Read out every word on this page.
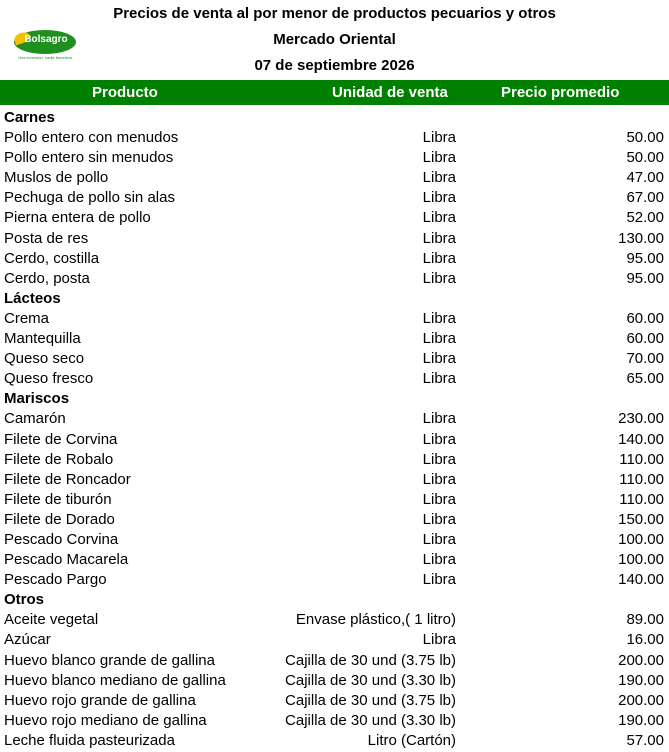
Precios de venta al por menor de productos pecuarios y otros
Mercado Oriental
07 de septiembre 2026
Bolsagro
Una inversión. nadie beneficia
Producto	Unidad de venta	Precio promedio
Carnes
Pollo entero con menudos	Libra	50.00
Pollo entero sin menudos	Libra	50.00
Muslos de pollo	Libra	47.00
Pechuga de pollo sin alas	Libra	67.00
Pierna entera de pollo	Libra	52.00
Posta de res	Libra	130.00
Cerdo, costilla	Libra	95.00
Cerdo, posta	Libra	95.00
Lácteos
Crema	Libra	60.00
Mantequilla	Libra	60.00
Queso seco	Libra	70.00
Queso fresco	Libra	65.00
Mariscos
Camarón	Libra	230.00
Filete de Corvina	Libra	140.00
Filete de Robalo	Libra	110.00
Filete de Roncador	Libra	110.00
Filete de tiburón	Libra	110.00
Filete de Dorado	Libra	150.00
Pescado Corvina	Libra	100.00
Pescado Macarela	Libra	100.00
Pescado Pargo	Libra	140.00
Otros
Aceite vegetal	Envase plástico,( 1 litro)	89.00
Azúcar	Libra	16.00
Huevo blanco grande de gallina	Cajilla de 30 und (3.75 lb)	200.00
Huevo blanco mediano de gallina	Cajilla de 30 und (3.30 lb)	190.00
Huevo rojo grande de gallina	Cajilla de 30 und (3.75 lb)	200.00
Huevo rojo mediano de gallina	Cajilla de 30 und (3.30 lb)	190.00
Leche fluida pasteurizada	Litro (Cartón)	57.00
